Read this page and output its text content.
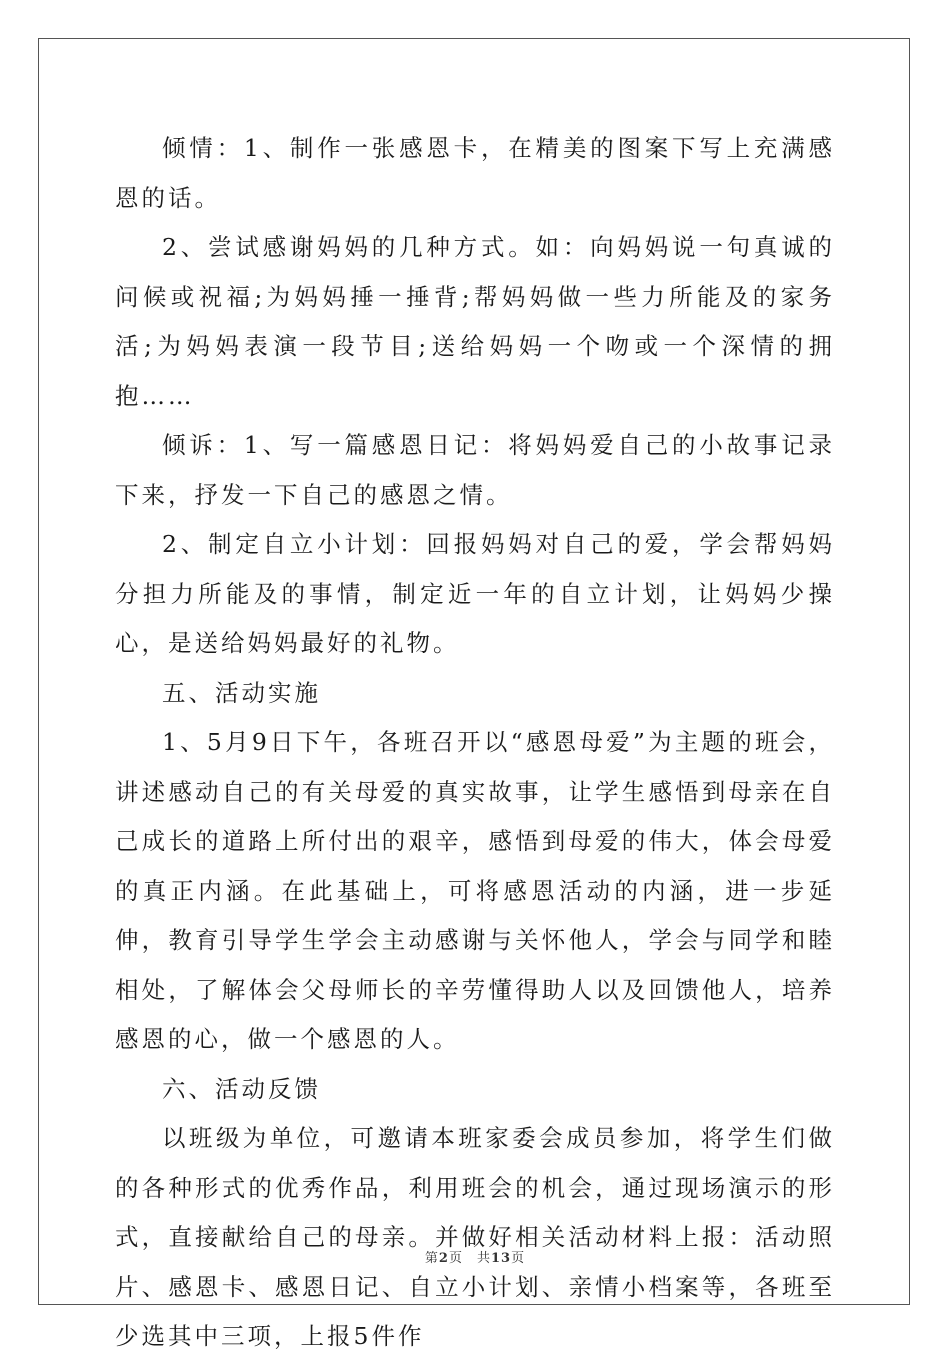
倾情：1、制作一张感恩卡，在精美的图案下写上充满感恩的话。

2、尝试感谢妈妈的几种方式。如：向妈妈说一句真诚的问候或祝福;为妈妈捶一捶背;帮妈妈做一些力所能及的家务活;为妈妈表演一段节目;送给妈妈一个吻或一个深情的拥抱……

倾诉：1、写一篇感恩日记：将妈妈爱自己的小故事记录下来，抒发一下自己的感恩之情。

2、制定自立小计划：回报妈妈对自己的爱，学会帮妈妈分担力所能及的事情，制定近一年的自立计划，让妈妈少操心，是送给妈妈最好的礼物。

五、活动实施

1、5月9日下午，各班召开以“感恩母爱”为主题的班会，讲述感动自己的有关母爱的真实故事，让学生感悟到母亲在自己成长的道路上所付出的艰辛，感悟到母爱的伟大，体会母爱的真正内涵。在此基础上，可将感恩活动的内涵，进一步延伸，教育引导学生学会主动感谢与关怀他人，学会与同学和睦相处，了解体会父母师长的辛劳懂得助人以及回馈他人，培养感恩的心，做一个感恩的人。

六、活动反馈

以班级为单位，可邀请本班家委会成员参加，将学生们做的各种形式的优秀作品，利用班会的机会，通过现场演示的形式，直接献给自己的母亲。并做好相关活动材料上报：活动照片、感恩卡、感恩日记、自立小计划、亲情小档案等，各班至少选其中三项，上报5件作

第2页 共13页
